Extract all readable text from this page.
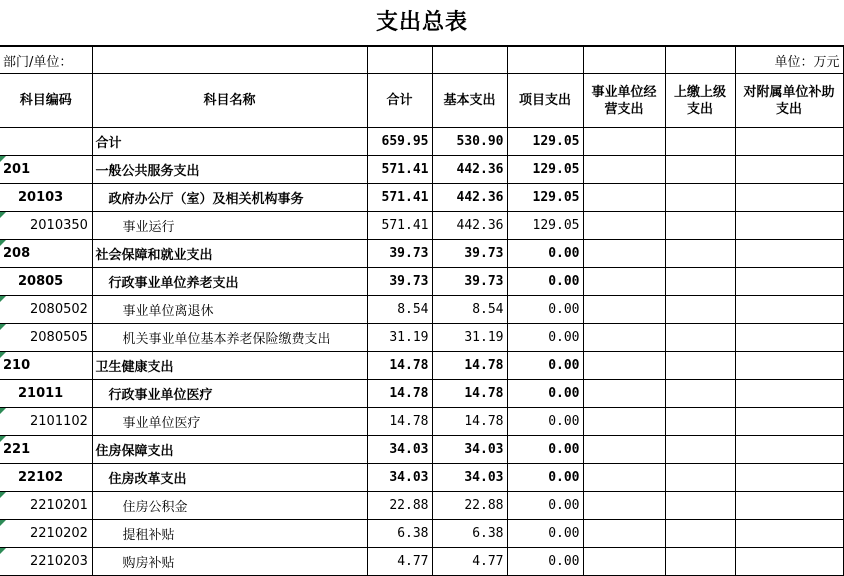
支出总表
部门/单位：							单位：万元
科目编码	科目名称	合计	基本支出	项目支出	事业单位经营支出	上缴上级支出	对附属单位补助支出
	合计	659.95	530.90	129.05			
201	一般公共服务支出	571.41	442.36	129.05			
20103	政府办公厅（室）及相关机构事务	571.41	442.36	129.05			
2010350	事业运行	571.41	442.36	129.05			
208	社会保障和就业支出	39.73	39.73	0.00			
20805	行政事业单位养老支出	39.73	39.73	0.00			
2080502	事业单位离退休	8.54	8.54	0.00			
2080505	机关事业单位基本养老保险缴费支出	31.19	31.19	0.00			
210	卫生健康支出	14.78	14.78	0.00			
21011	行政事业单位医疗	14.78	14.78	0.00			
2101102	事业单位医疗	14.78	14.78	0.00			
221	住房保障支出	34.03	34.03	0.00			
22102	住房改革支出	34.03	34.03	0.00			
2210201	住房公积金	22.88	22.88	0.00			
2210202	提租补贴	6.38	6.38	0.00			
2210203	购房补贴	4.77	4.77	0.00			
